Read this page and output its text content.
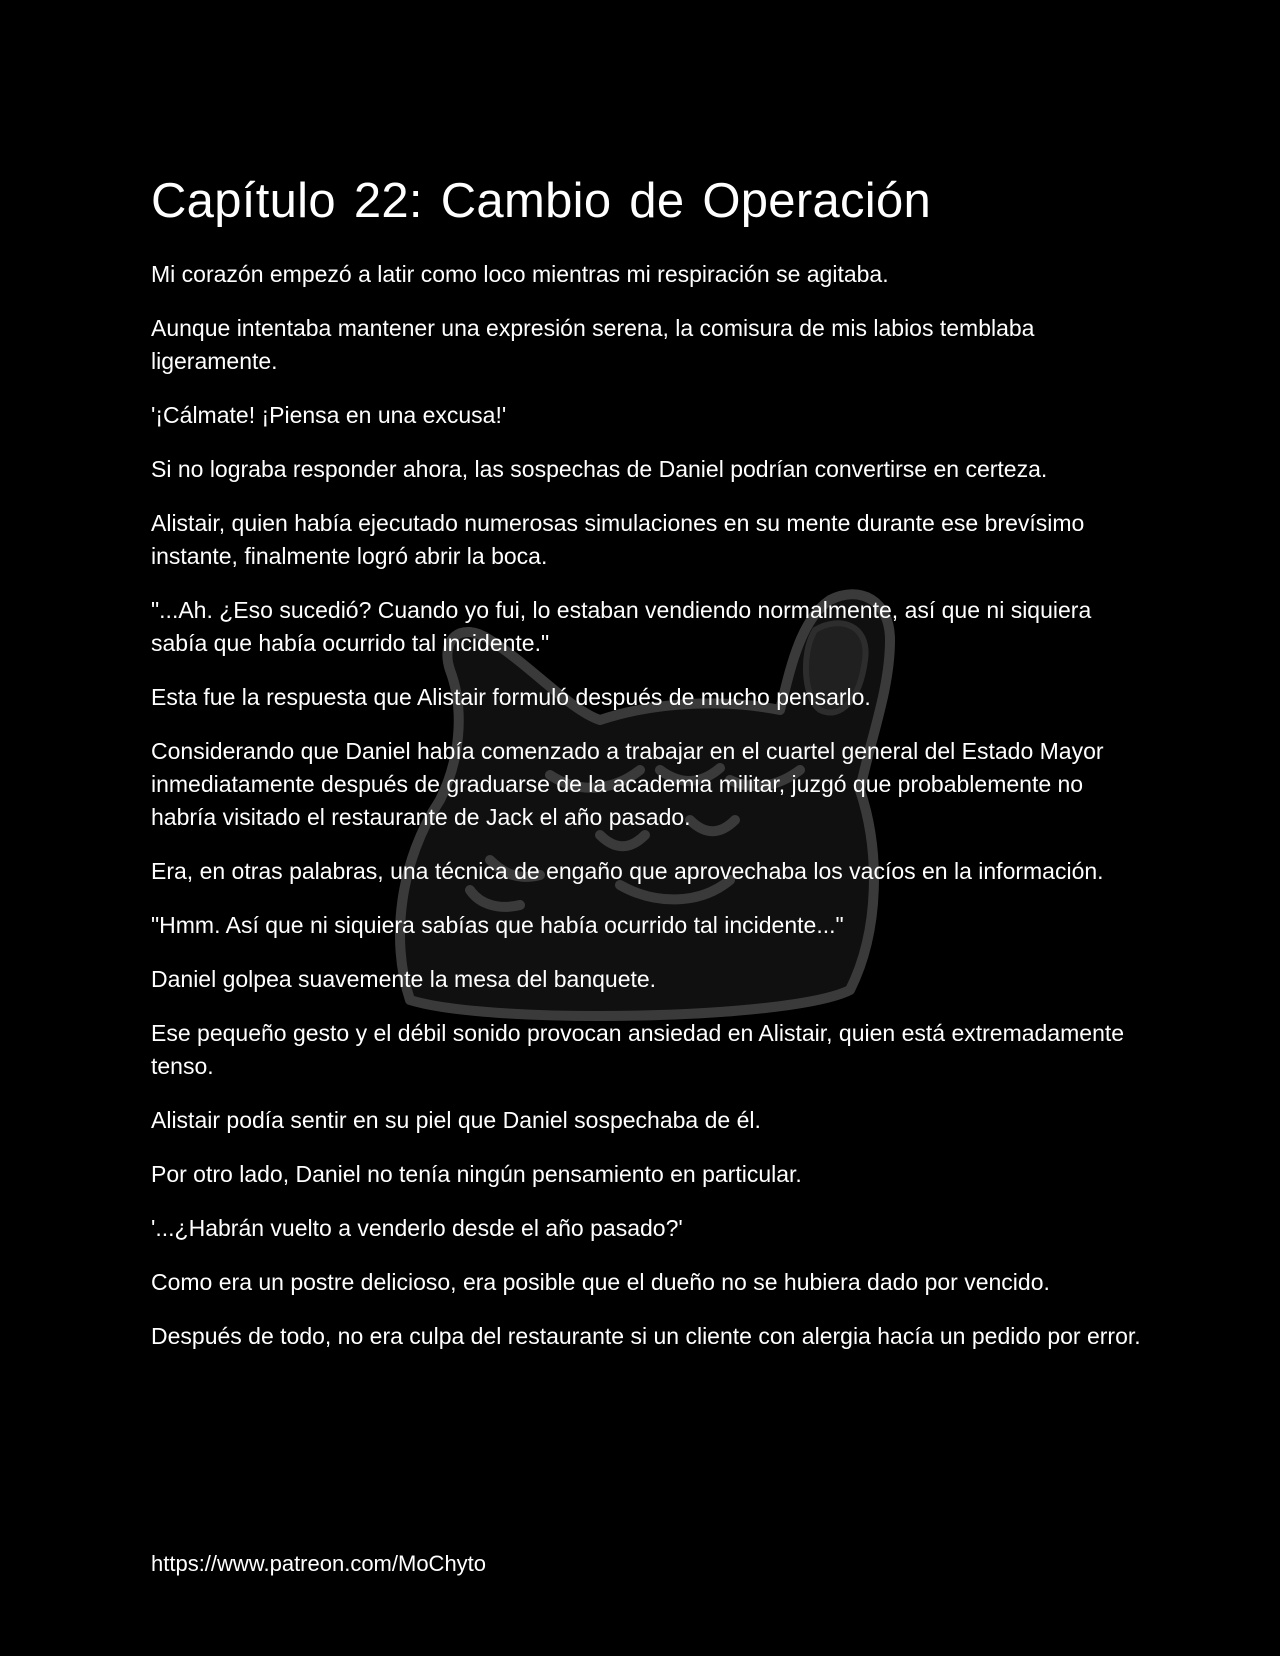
Capítulo 22: Cambio de Operación

Mi corazón empezó a latir como loco mientras mi respiración se agitaba.

Aunque intentaba mantener una expresión serena, la comisura de mis labios temblaba ligeramente.

'¡Cálmate! ¡Piensa en una excusa!'

Si no lograba responder ahora, las sospechas de Daniel podrían convertirse en certeza.

Alistair, quien había ejecutado numerosas simulaciones en su mente durante ese brevísimo instante, finalmente logró abrir la boca.

"...Ah. ¿Eso sucedió? Cuando yo fui, lo estaban vendiendo normalmente, así que ni siquiera sabía que había ocurrido tal incidente."

Esta fue la respuesta que Alistair formuló después de mucho pensarlo.

Considerando que Daniel había comenzado a trabajar en el cuartel general del Estado Mayor inmediatamente después de graduarse de la academia militar, juzgó que probablemente no habría visitado el restaurante de Jack el año pasado.

Era, en otras palabras, una técnica de engaño que aprovechaba los vacíos en la información.

"Hmm. Así que ni siquiera sabías que había ocurrido tal incidente..."

Daniel golpea suavemente la mesa del banquete.

Ese pequeño gesto y el débil sonido provocan ansiedad en Alistair, quien está extremadamente tenso.

Alistair podía sentir en su piel que Daniel sospechaba de él.

Por otro lado, Daniel no tenía ningún pensamiento en particular.

'...¿Habrán vuelto a venderlo desde el año pasado?'

Como era un postre delicioso, era posible que el dueño no se hubiera dado por vencido.

Después de todo, no era culpa del restaurante si un cliente con alergia hacía un pedido por error.

https://www.patreon.com/MoChyto
